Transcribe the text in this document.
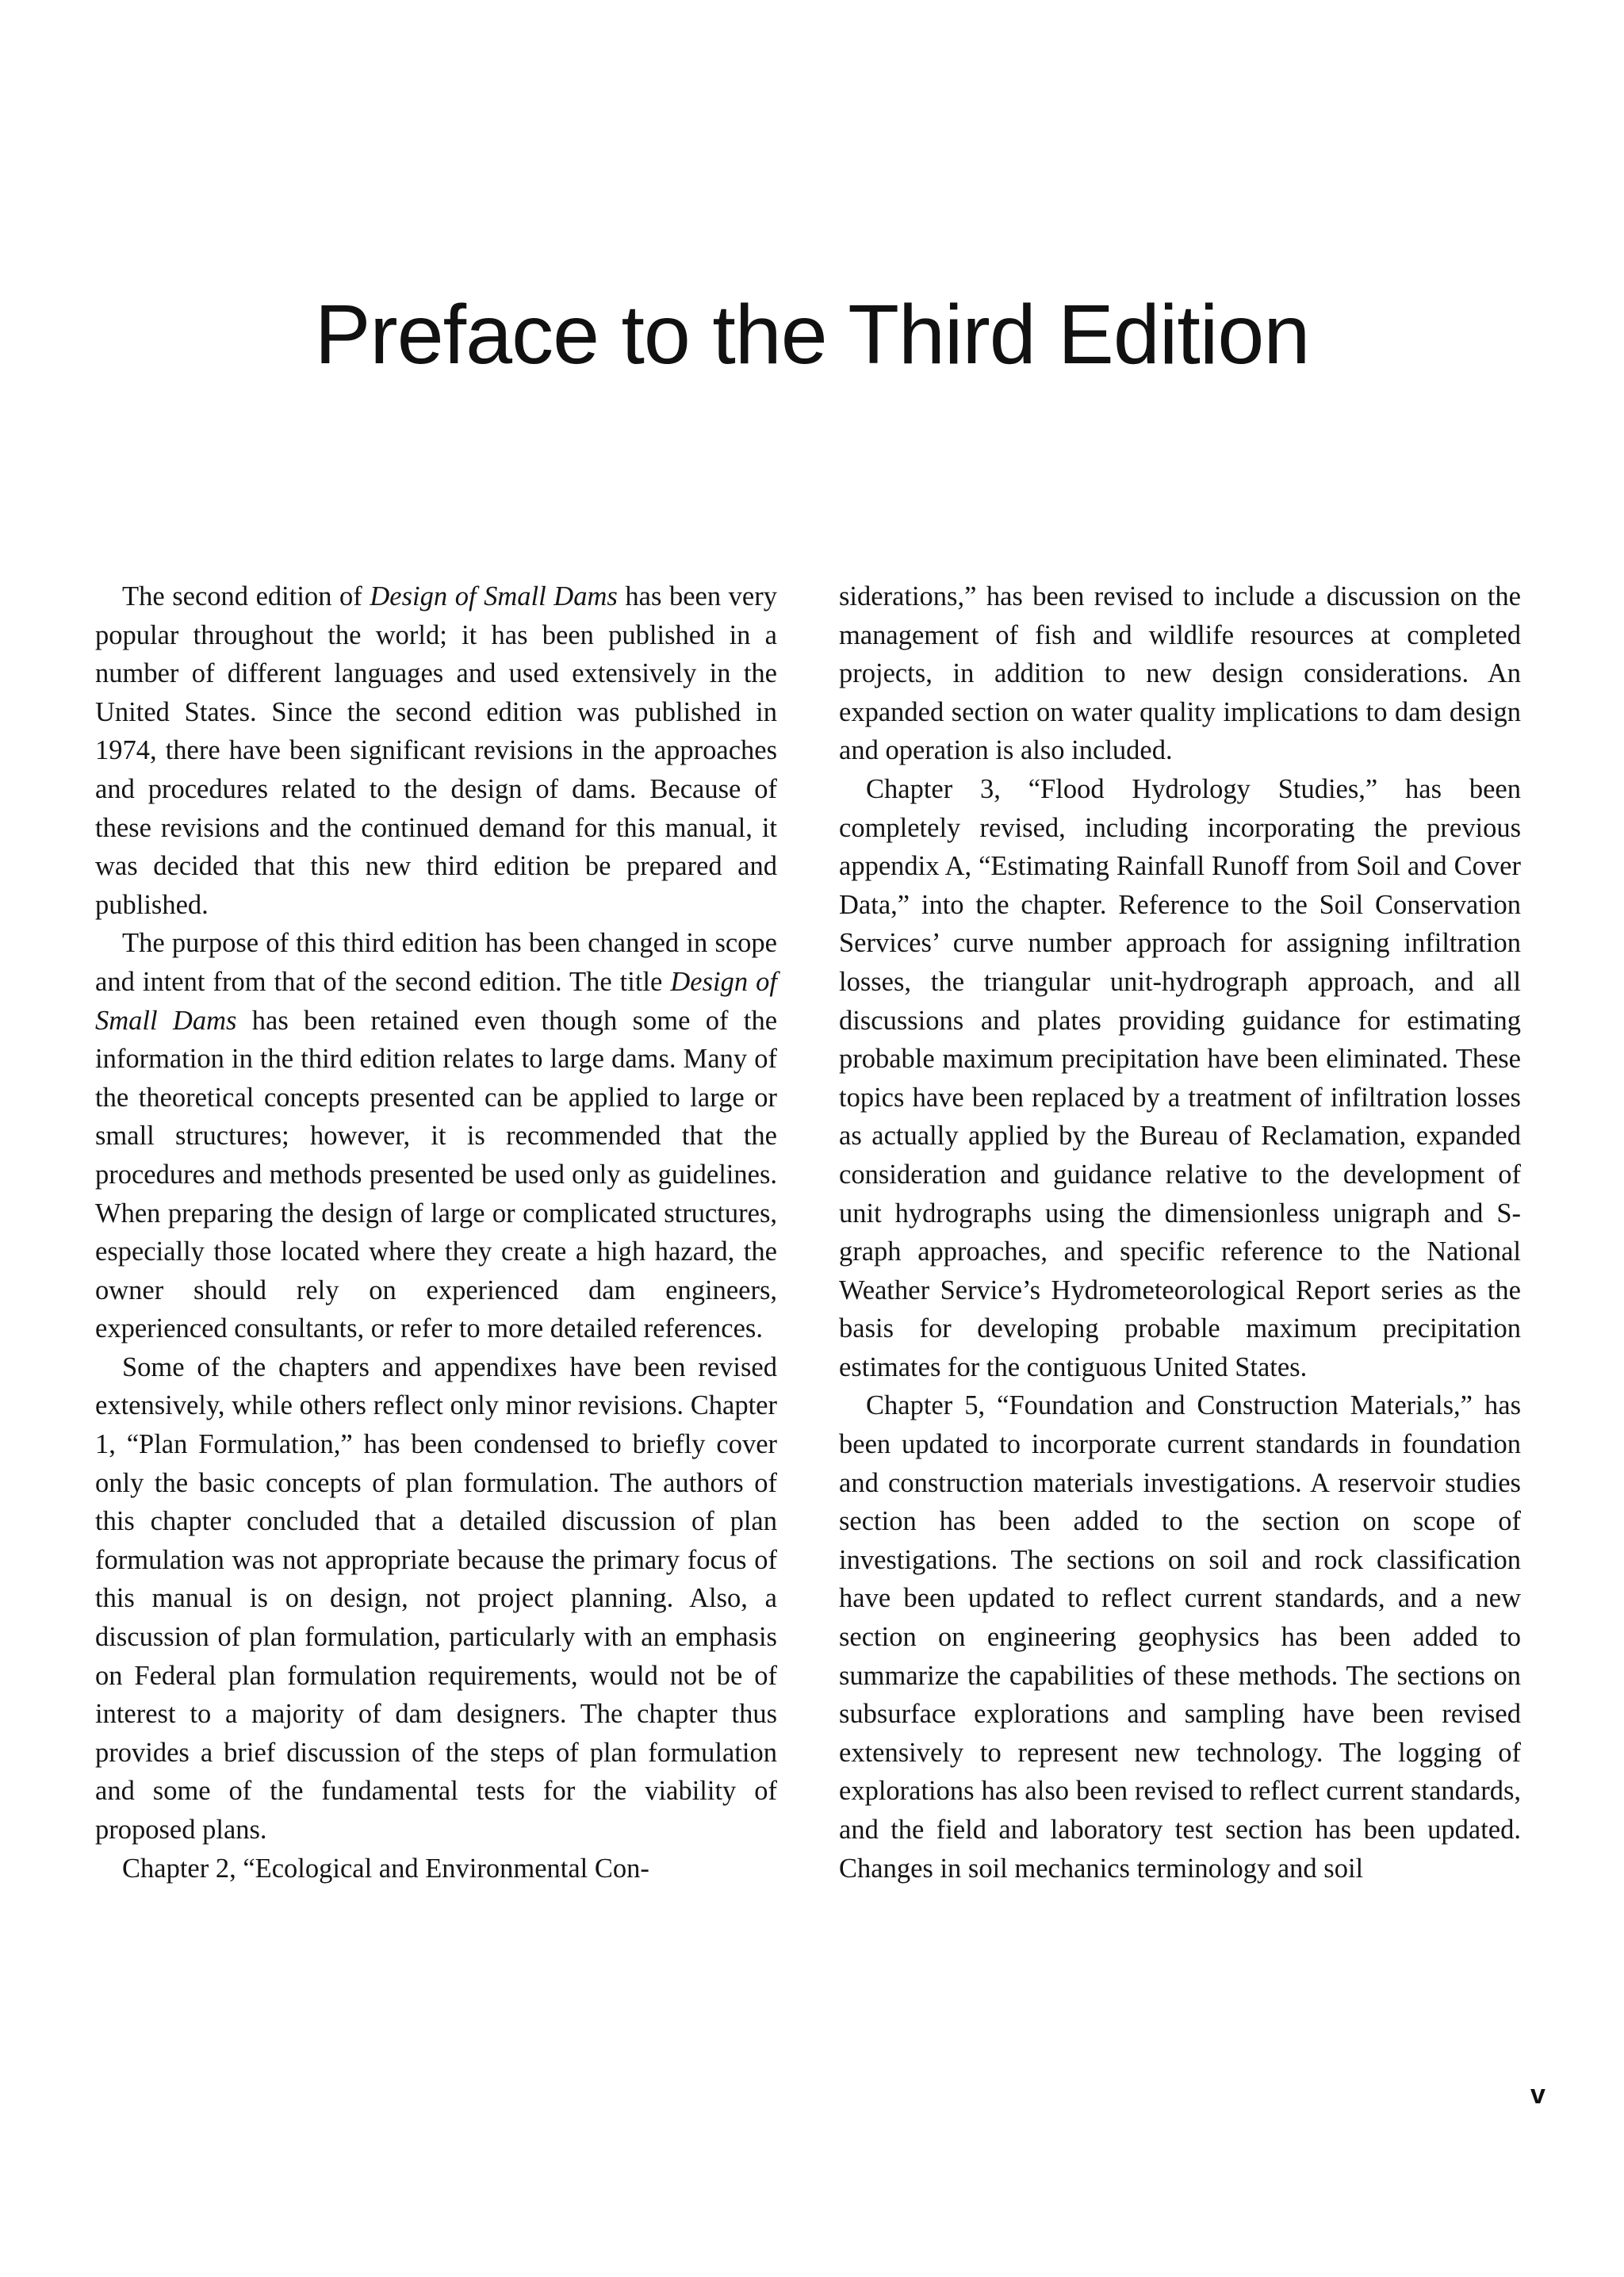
Preface to the Third Edition

The second edition of Design of Small Dams has been very popular throughout the world; it has been published in a number of different languages and used extensively in the United States. Since the second edition was published in 1974, there have been significant revisions in the approaches and procedures related to the design of dams. Because of these revisions and the continued demand for this manual, it was decided that this new third edition be prepared and published.

The purpose of this third edition has been changed in scope and intent from that of the second edition. The title Design of Small Dams has been retained even though some of the information in the third edition relates to large dams. Many of the theoretical concepts presented can be applied to large or small structures; however, it is recommended that the procedures and methods presented be used only as guidelines. When preparing the design of large or complicated structures, especially those located where they create a high hazard, the owner should rely on experienced dam engineers, experienced consultants, or refer to more detailed references.

Some of the chapters and appendixes have been revised extensively, while others reflect only minor revisions. Chapter 1, “Plan Formulation,” has been condensed to briefly cover only the basic concepts of plan formulation. The authors of this chapter concluded that a detailed discussion of plan formulation was not appropriate because the primary focus of this manual is on design, not project planning. Also, a discussion of plan formulation, particularly with an emphasis on Federal plan formulation requirements, would not be of interest to a majority of dam designers. The chapter thus provides a brief discussion of the steps of plan formulation and some of the fundamental tests for the viability of proposed plans.

Chapter 2, “Ecological and Environmental Con-

siderations,” has been revised to include a discussion on the management of fish and wildlife resources at completed projects, in addition to new design considerations. An expanded section on water quality implications to dam design and operation is also included.

Chapter 3, “Flood Hydrology Studies,” has been completely revised, including incorporating the previous appendix A, “Estimating Rainfall Runoff from Soil and Cover Data,” into the chapter. Reference to the Soil Conservation Services’ curve number approach for assigning infiltration losses, the triangular unit-hydrograph approach, and all discussions and plates providing guidance for estimating probable maximum precipitation have been eliminated. These topics have been replaced by a treatment of infiltration losses as actually applied by the Bureau of Reclamation, expanded consideration and guidance relative to the development of unit hydrographs using the dimensionless unigraph and S-graph approaches, and specific reference to the National Weather Service’s Hydrometeorological Report series as the basis for developing probable maximum precipitation estimates for the contiguous United States.

Chapter 5, “Foundation and Construction Materials,” has been updated to incorporate current standards in foundation and construction materials investigations. A reservoir studies section has been added to the section on scope of investigations. The sections on soil and rock classification have been updated to reflect current standards, and a new section on engineering geophysics has been added to summarize the capabilities of these methods. The sections on subsurface explorations and sampling have been revised extensively to represent new technology. The logging of explorations has also been revised to reflect current standards, and the field and laboratory test section has been updated. Changes in soil mechanics terminology and soil

v
